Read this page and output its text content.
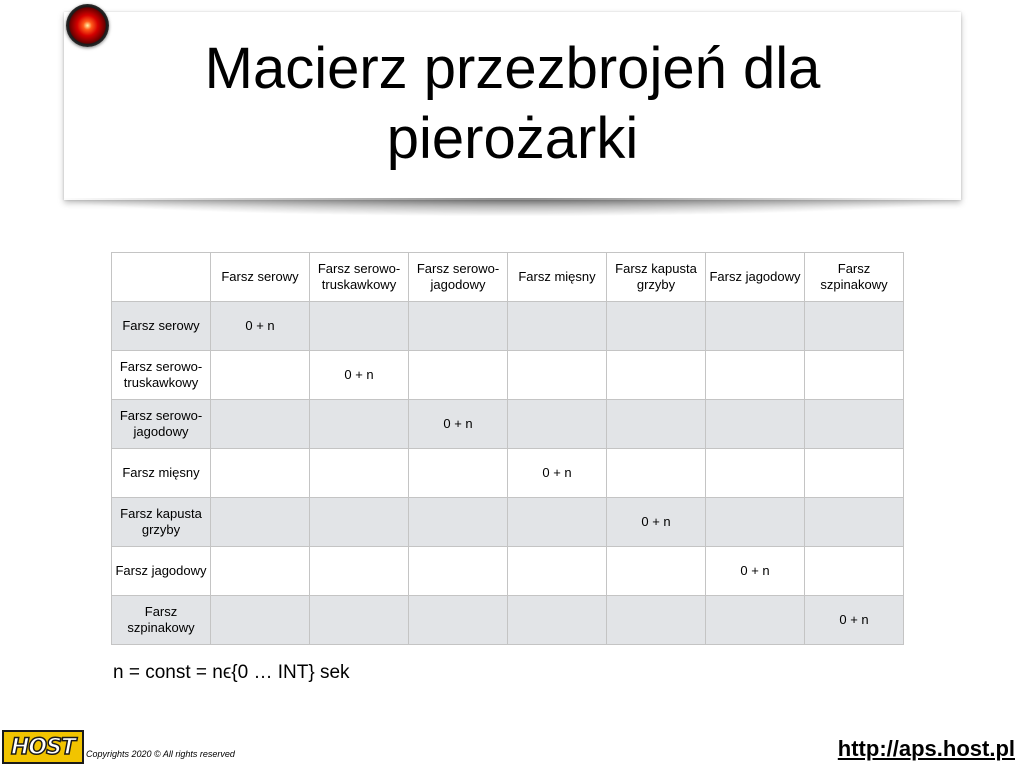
Macierz przezbrojeń dla
pierożarki
	Farsz serowy	Farsz serowo-truskawkowy	Farsz serowo-jagodowy	Farsz mięsny	Farsz kapusta grzyby	Farsz jagodowy	Farsz szpinakowy
Farsz serowy	0 + n						
Farsz serowo-truskawkowy		0 + n					
Farsz serowo-jagodowy			0 + n				
Farsz mięsny				0 + n			
Farsz kapusta grzyby					0 + n		
Farsz jagodowy						0 + n	
Farsz szpinakowy							0 + n
n = const = nϵ{0 … INT} sek
HOST Copyrights 2020 © All rights reserved	http://aps.host.pl
